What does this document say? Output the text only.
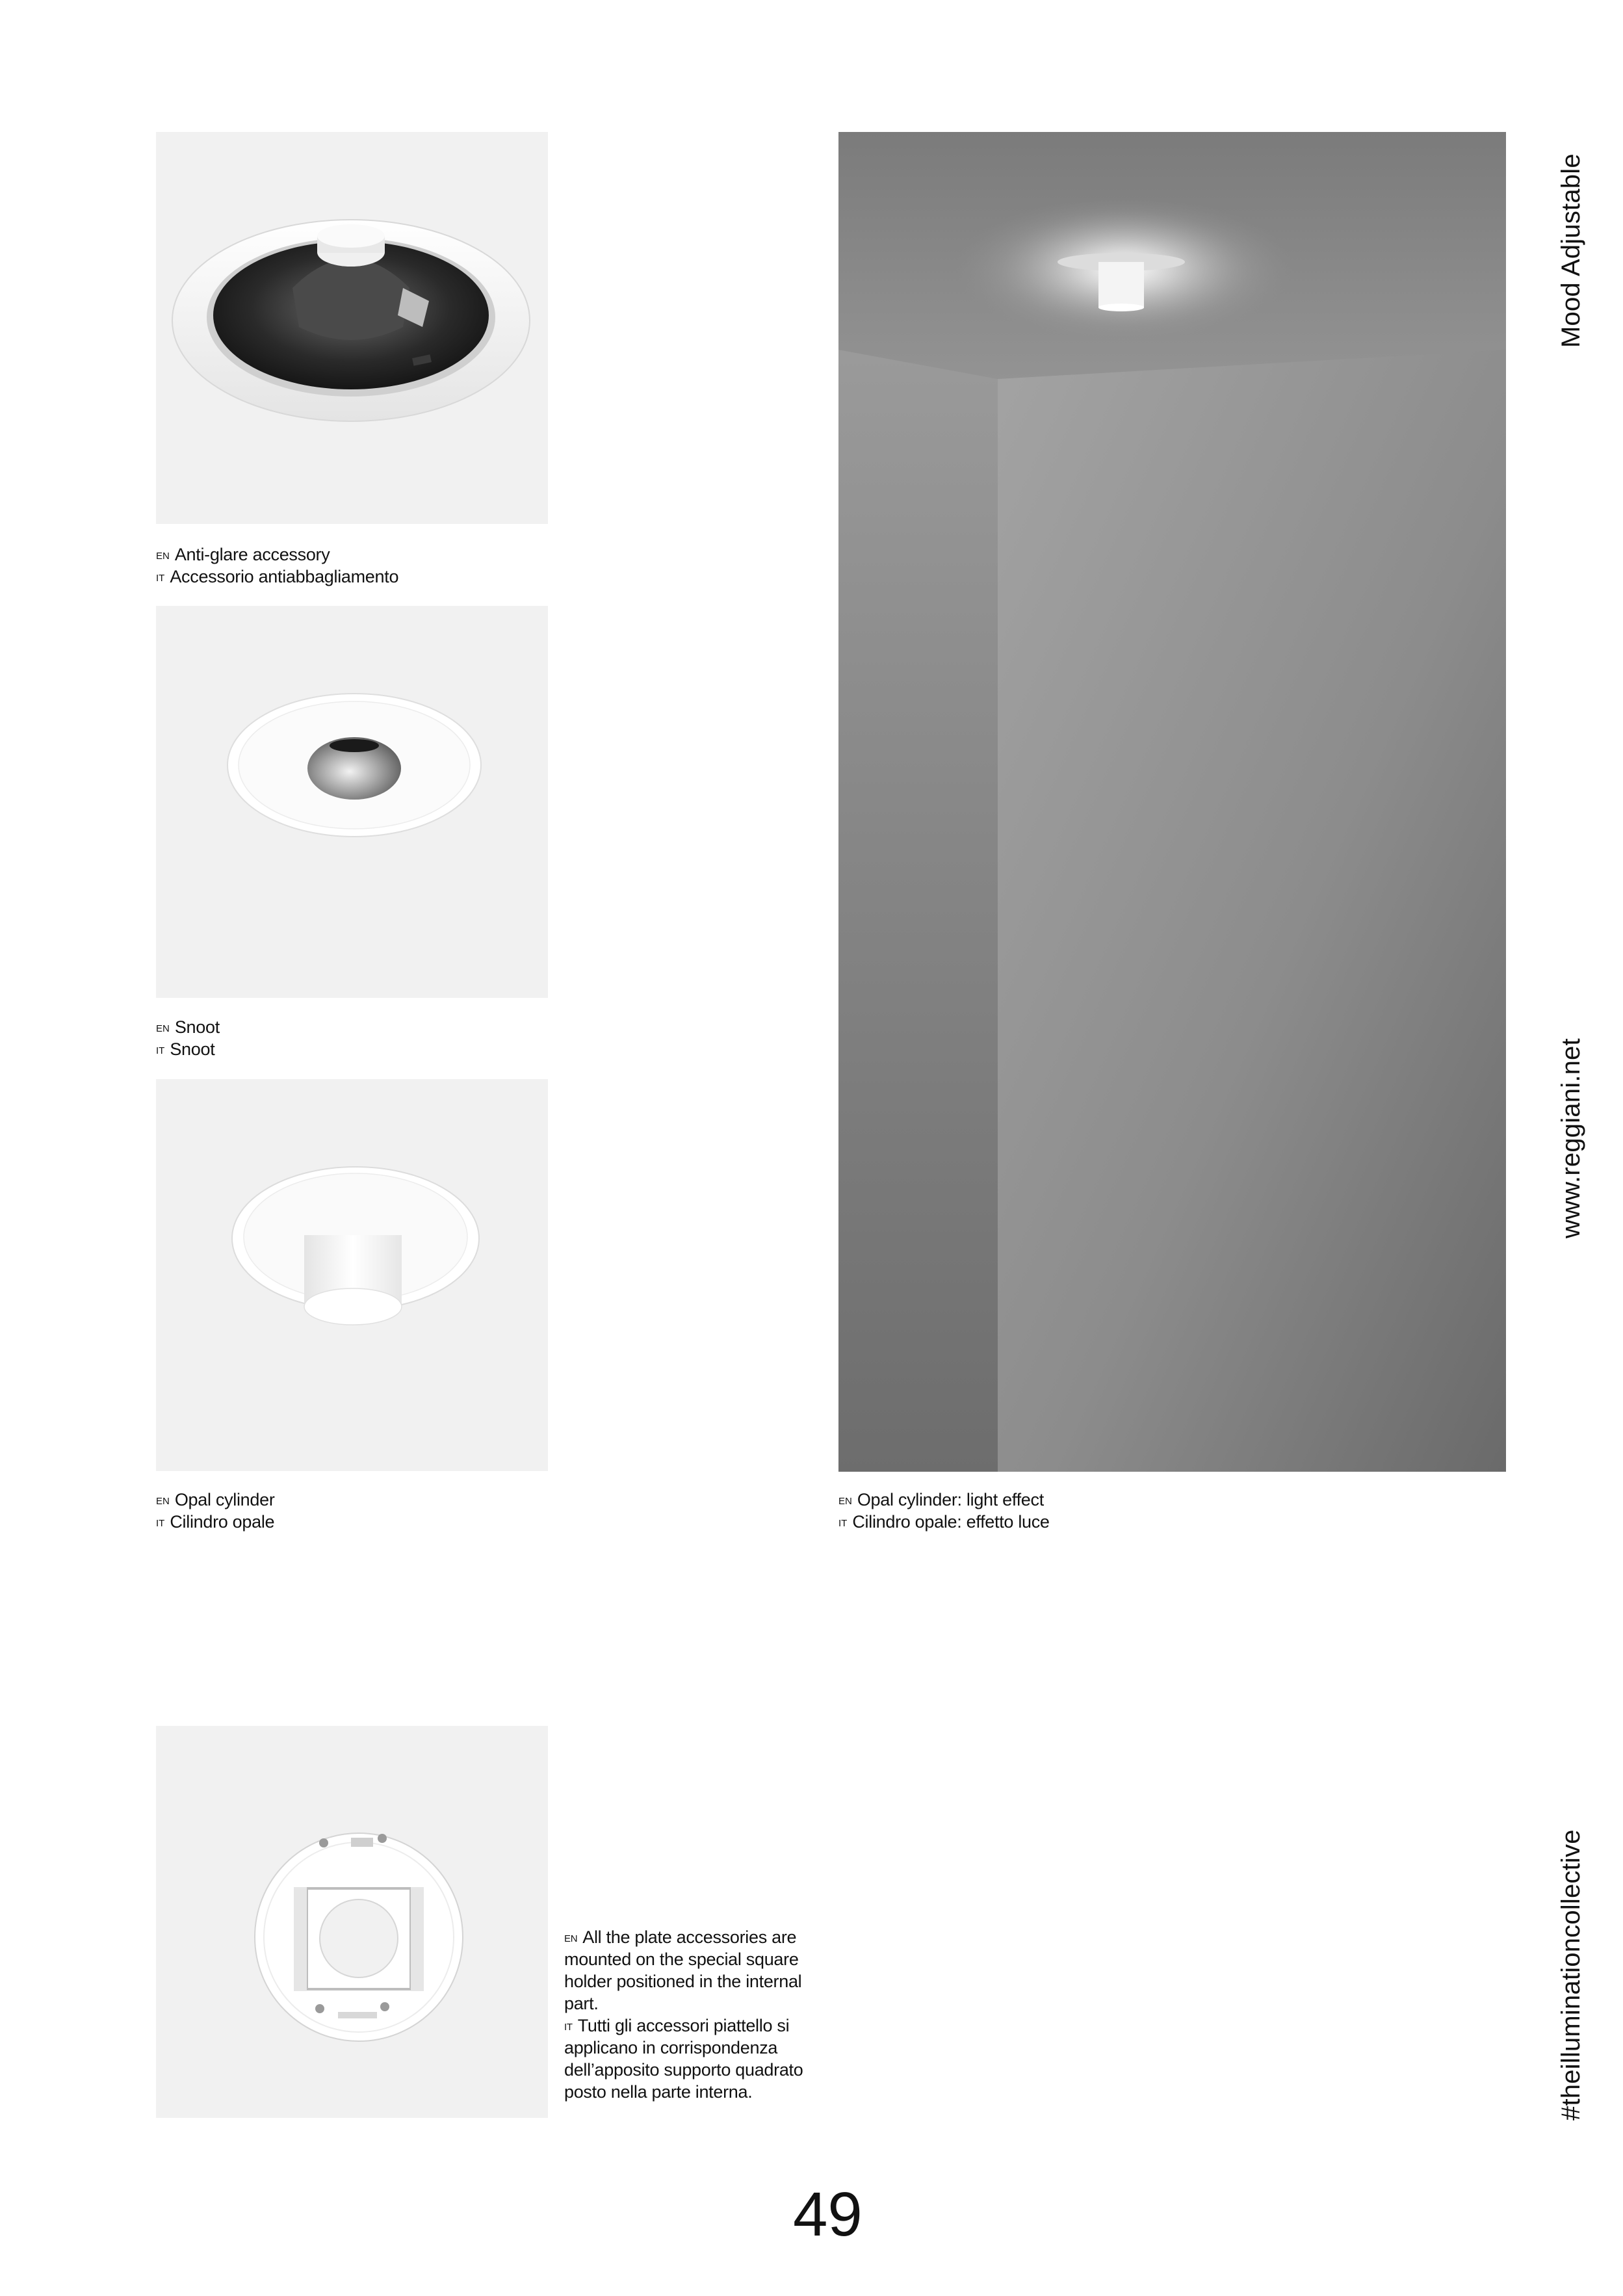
$^{EN}$ Anti-glare accessory
$^{IT}$ Accessorio antiabbagliamento
$^{EN}$ Snoot
$^{IT}$ Snoot
$^{EN}$ Opal cylinder
$^{IT}$ Cilindro opale
$^{EN}$ Opal cylinder: light effect
$^{IT}$ Cilindro opale: effetto luce
$^{EN}$ All the plate accessories are mounted on the special square holder positioned in the internal part.
$^{IT}$ Tutti gli accessori piattello si applicano in corrispondenza dell’apposito supporto quadrato posto nella parte interna.
Mood Adjustable
www.reggiani.net
#theilluminationcollective
49
